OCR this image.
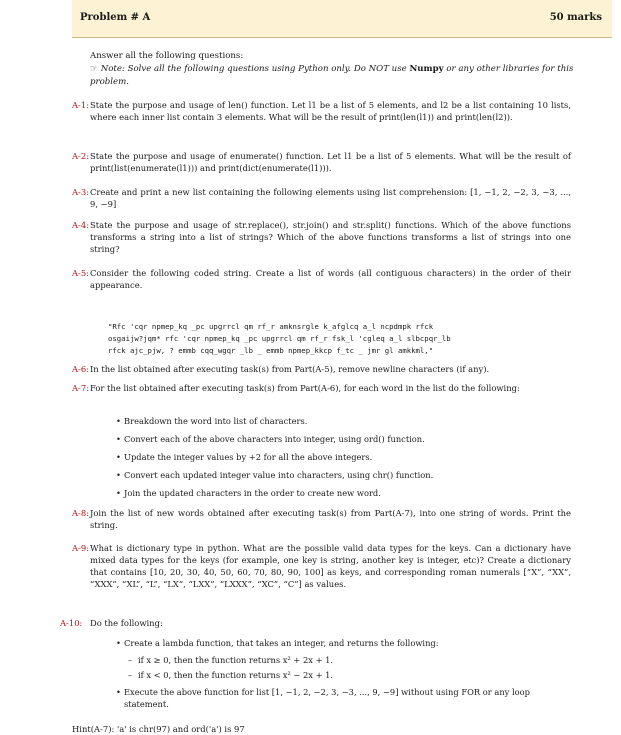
Problem # A	50 marks
Answer all the following questions:
☞ Note: Solve all the following questions using Python only. Do NOT use Numpy or any other libraries for this problem.
A-1: State the purpose and usage of len() function. Let l1 be a list of 5 elements, and l2 be a list containing 10 lists, where each inner list contain 3 elements. What will be the result of print(len(l1)) and print(len(l2)).
A-2: State the purpose and usage of enumerate() function. Let l1 be a list of 5 elements. What will be the result of print(list(enumerate(l1))) and print(dict(enumerate(l1))).
A-3: Create and print a new list containing the following elements using list comprehension: [1, −1, 2, −2, 3, −3, ..., 9, −9]
A-4: State the purpose and usage of str.replace(), str.join() and str.split() functions. Which of the above functions transforms a string into a list of strings? Which of the above functions transforms a list of strings into one string?
A-5: Consider the following coded string. Create a list of words (all contiguous characters) in the order of their appearance.
"Rfc 'cqr npmep_kq _pc upgrrcl qm rf_r amknsrgle k_afglcq a_l ncpdmpk rfck
osgaijw?jqm* rfc 'cqr npmep_kq _pc upgrrcl qm rf_r fsk_l 'cgleq a_l slbcpqr_lb
rfck ajc_pjw, ? emmb cqq_wgqr _lb _ emmb npmep_kkcp f_tc _ jmr gl amkkml,"
A-6: In the list obtained after executing task(s) from Part(A-5), remove newline characters (if any).
A-7: For the list obtained after executing task(s) from Part(A-6), for each word in the list do the following:
• Breakdown the word into list of characters.
• Convert each of the above characters into integer, using ord() function.
• Update the integer values by +2 for all the above integers.
• Convert each updated integer value into characters, using chr() function.
• Join the updated characters in the order to create new word.
A-8: Join the list of new words obtained after executing task(s) from Part(A-7), into one string of words. Print the string.
A-9: What is dictionary type in python. What are the possible valid data types for the keys. Can a dictionary have mixed data types for the keys (for example, one key is string, another key is integer, etc)? Create a dictionary that contains [10, 20, 30, 40, 50, 60, 70, 80, 90, 100] as keys, and corresponding roman numerals [“X”, “XX”, “XXX”, “XL”, “L”, “LX”, “LXX”, “LXXX”, “XC”, “C”] as values.
A-10: Do the following:
• Create a lambda function, that takes an integer, and returns the following:
– if x ≥ 0, then the function returns x² + 2x + 1.
– if x < 0, then the function returns x² − 2x + 1.
• Execute the above function for list [1, −1, 2, −2, 3, −3, ..., 9, −9] without using FOR or any loop statement.
Hint(A-7): 'a' is chr(97) and ord('a') is 97
